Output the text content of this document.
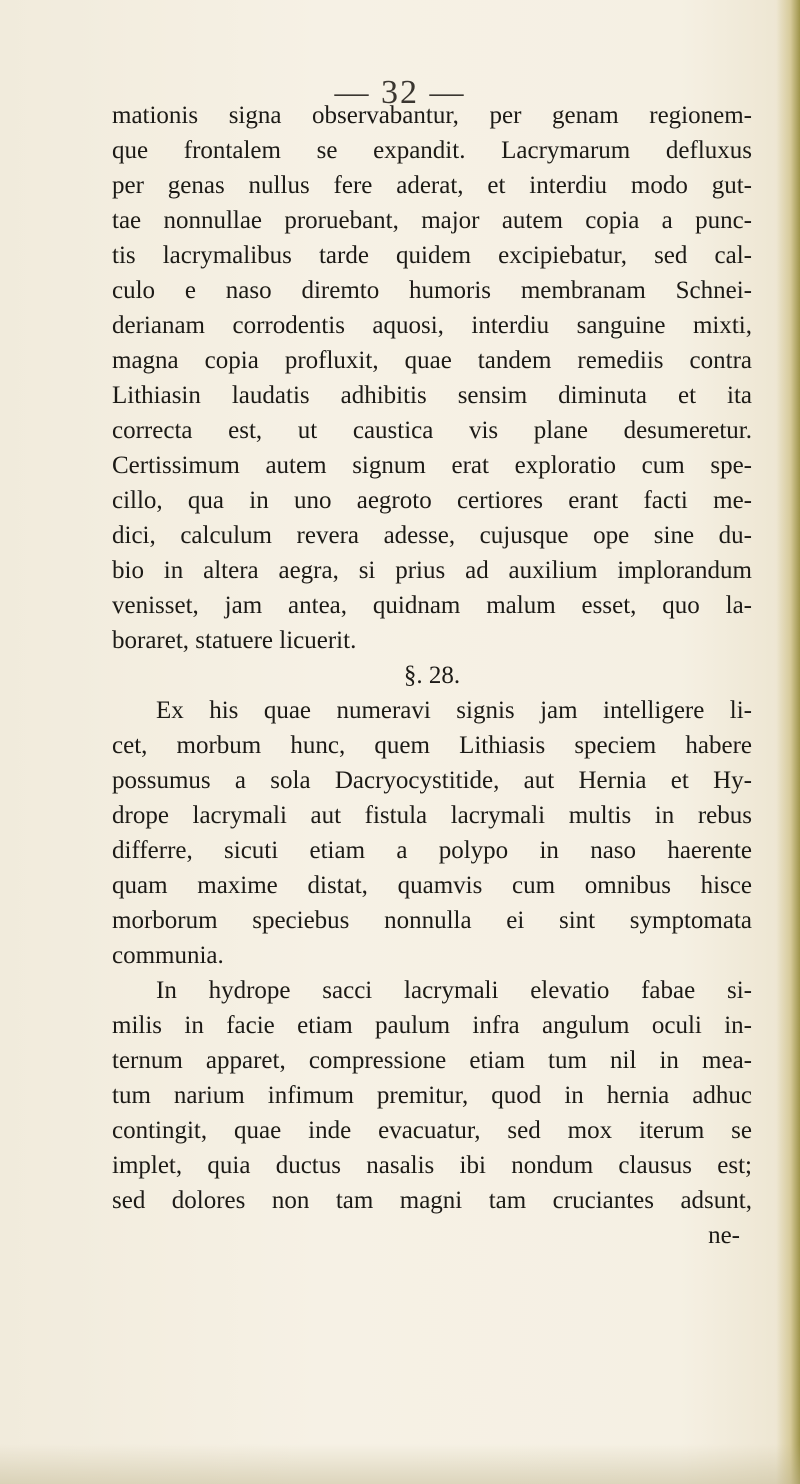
— 32 —
mationis signa observabantur, per genam regionem-
que frontalem se expandit. Lacrymarum defluxus
per genas nullus fere aderat, et interdiu modo gut-
tae nonnullae proruebant, major autem copia a punc-
tis lacrymalibus tarde quidem excipiebatur, sed cal-
culo e naso diremto humoris membranam Schnei-
derianam corrodentis aquosi, interdiu sanguine mixti,
magna copia profluxit, quae tandem remediis contra
Lithiasin laudatis adhibitis sensim diminuta et ita
correcta est, ut caustica vis plane desumeretur.
Certissimum autem signum erat exploratio cum spe-
cillo, qua in uno aegroto certiores erant facti me-
dici, calculum revera adesse, cujusque ope sine du-
bio in altera aegra, si prius ad auxilium implorandum
venisset, jam antea, quidnam malum esset, quo la-
boraret, statuere licuerit.
§. 28.
Ex his quae numeravi signis jam intelligere li-
cet, morbum hunc, quem Lithiasis speciem habere
possumus a sola Dacryocystitide, aut Hernia et Hy-
drope lacrymali aut fistula lacrymali multis in rebus
differre, sicuti etiam a polypo in naso haerente
quam maxime distat, quamvis cum omnibus hisce
morborum speciebus nonnulla ei sint symptomata
communia.
In hydrope sacci lacrymali elevatio fabae si-
milis in facie etiam paulum infra angulum oculi in-
ternum apparet, compressione etiam tum nil in mea-
tum narium infimum premitur, quod in hernia adhuc
contingit, quae inde evacuatur, sed mox iterum se
implet, quia ductus nasalis ibi nondum clausus est;
sed dolores non tam magni tam cruciantes adsunt,
ne-
